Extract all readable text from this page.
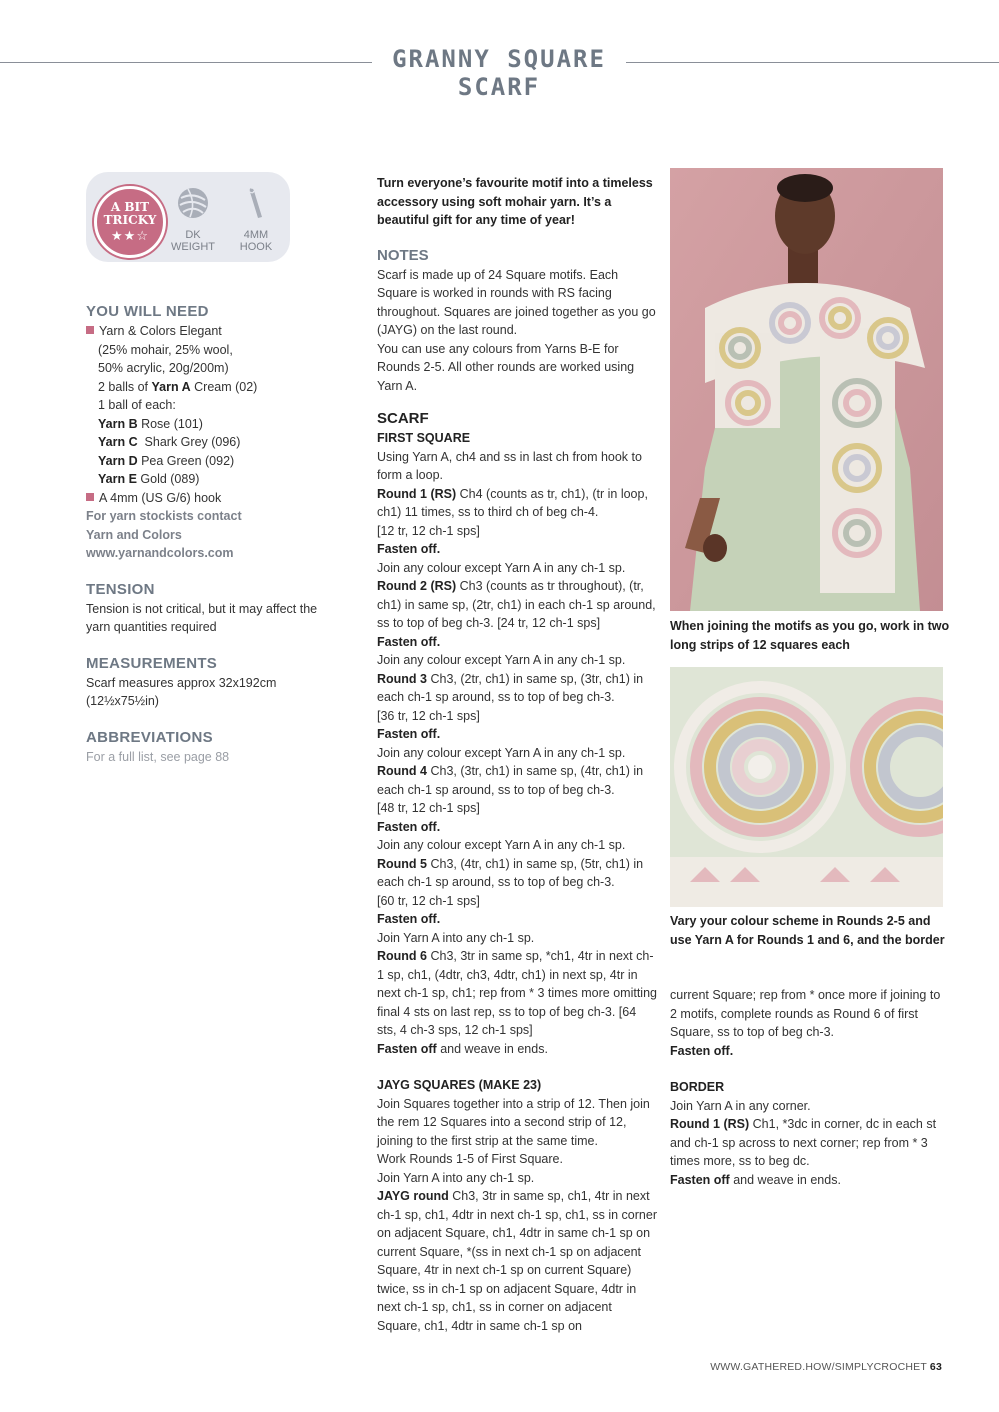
GRANNY SQUARE SCARF
A BIT
TRICKY
★★☆	DK
WEIGHT
4MM
HOOK
YOU WILL NEED
Yarn & Colors Elegant
(25% mohair, 25% wool,
50% acrylic, 20g/200m)
2 balls of Yarn A Cream (02)
1 ball of each:
Yarn B Rose (101)
Yarn C  Shark Grey (096)
Yarn D Pea Green (092)
Yarn E Gold (089)
A 4mm (US G/6) hook
For yarn stockists contact
Yarn and Colors
www.yarnandcolors.com
TENSION

Tension is not critical, but it may affect the yarn quantities required

MEASUREMENTS

Scarf measures approx 32x192cm (12½x75½in)

ABBREVIATIONS

For a full list, see page 88

Turn everyone’s favourite motif into a timeless accessory using soft mohair yarn. It’s a beautiful gift for any time of year!

NOTES

Scarf is made up of 24 Square motifs. Each Square is worked in rounds with RS facing throughout. Squares are joined together as you go (JAYG) on the last round.

You can use any colours from Yarns B-E for Rounds 2-5. All other rounds are worked using Yarn A.

SCARF

FIRST SQUARE

Using Yarn A, ch4 and ss in last ch from hook to form a loop.

Round 1 (RS) Ch4 (counts as tr, ch1), (tr in loop, ch1) 11 times, ss to third ch of beg ch-4.

[12 tr, 12 ch-1 sps]

Fasten off.

Join any colour except Yarn A in any ch-1 sp.

Round 2 (RS) Ch3 (counts as tr throughout), (tr, ch1) in same sp, (2tr, ch1) in each ch-1 sp around, ss to top of beg ch-3. [24 tr, 12 ch-1 sps]

Fasten off.

Join any colour except Yarn A in any ch-1 sp.

Round 3 Ch3, (2tr, ch1) in same sp, (3tr, ch1) in each ch-1 sp around, ss to top of beg ch-3.

[36 tr, 12 ch-1 sps]

Fasten off.

Join any colour except Yarn A in any ch-1 sp.

Round 4 Ch3, (3tr, ch1) in same sp, (4tr, ch1) in each ch-1 sp around, ss to top of beg ch-3.

[48 tr, 12 ch-1 sps]

Fasten off.

Join any colour except Yarn A in any ch-1 sp.

Round 5 Ch3, (4tr, ch1) in same sp, (5tr, ch1) in each ch-1 sp around, ss to top of beg ch-3.

[60 tr, 12 ch-1 sps]

Fasten off.

Join Yarn A into any ch-1 sp.

Round 6 Ch3, 3tr in same sp, *ch1, 4tr in next ch-1 sp, ch1, (4dtr, ch3, 4dtr, ch1) in next sp, 4tr in next ch-1 sp, ch1; rep from * 3 times more omitting final 4 sts on last rep, ss to top of beg ch-3. [64 sts, 4 ch-3 sps, 12 ch-1 sps]

Fasten off and weave in ends.

JAYG SQUARES (MAKE 23)

Join Squares together into a strip of 12. Then join the rem 12 Squares into a second strip of 12, joining to the first strip at the same time.

Work Rounds 1-5 of First Square.

Join Yarn A into any ch-1 sp.

JAYG round Ch3, 3tr in same sp, ch1, 4tr in next ch-1 sp, ch1, 4dtr in next ch-1 sp, ch1, ss in corner on adjacent Square, ch1, 4dtr in same ch-1 sp on current Square, *(ss in next ch-1 sp on adjacent Square, 4tr in next ch-1 sp on current Square) twice, ss in ch-1 sp on adjacent Square, 4dtr in next ch-1 sp, ch1, ss in corner on adjacent Square, ch1, 4dtr in same ch-1 sp on

When joining the motifs as you go, work in two long strips of 12 squares each
Vary your colour scheme in Rounds 2-5 and use Yarn A for Rounds 1 and 6, and the border

current Square; rep from * once more if joining to 2 motifs, complete rounds as Round 6 of first Square, ss to top of beg ch-3.

Fasten off.

BORDER

Join Yarn A in any corner.

Round 1 (RS) Ch1, *3dc in corner, dc in each st and ch-1 sp across to next corner; rep from * 3 times more, ss to beg dc.

Fasten off and weave in ends.

WWW.GATHERED.HOW/SIMPLYCROCHET 63
